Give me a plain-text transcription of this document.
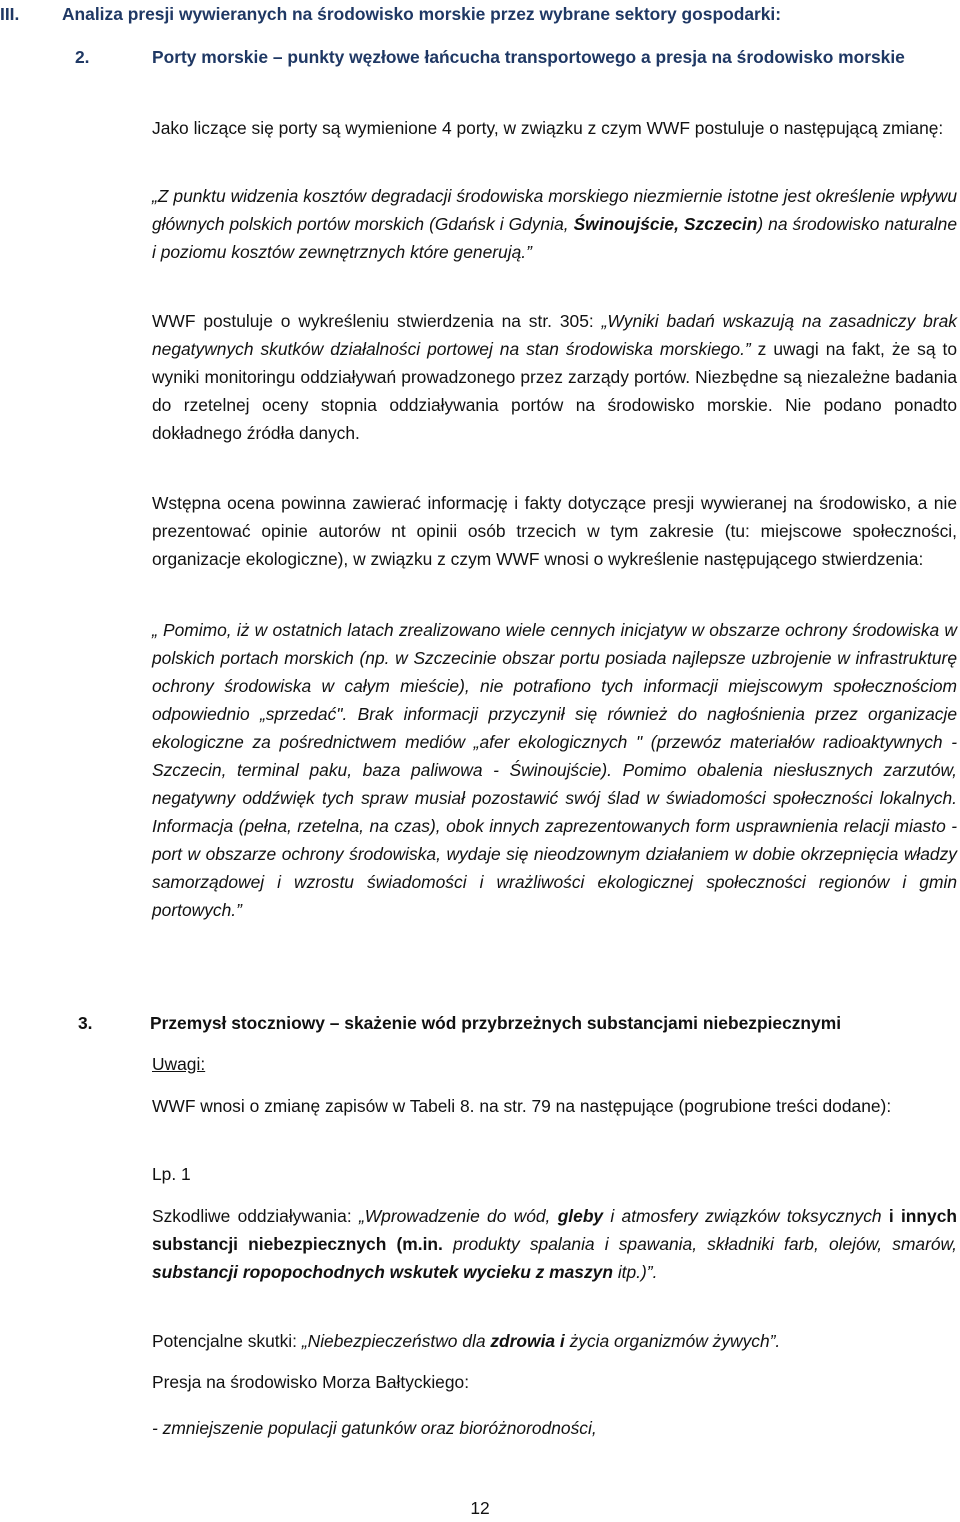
III.	Analiza presji wywieranych na środowisko morskie przez wybrane sektory gospodarki:
2.	Porty morskie – punkty węzłowe łańcucha transportowego a presja na środowisko morskie

Jako liczące się porty są wymienione 4 porty, w związku z czym WWF postuluje o następującą zmianę:

„Z punktu widzenia kosztów degradacji środowiska morskiego niezmiernie istotne jest określenie wpływu głównych polskich portów morskich (Gdańsk i Gdynia, Świnoujście, Szczecin) na środowisko naturalne i poziomu kosztów zewnętrznych które generują.”

WWF postuluje o wykreśleniu stwierdzenia na str. 305: „Wyniki badań wskazują na zasadniczy brak negatywnych skutków działalności portowej na stan środowiska morskiego.” z uwagi na fakt, że są to wyniki monitoringu oddziaływań prowadzonego przez zarządy portów. Niezbędne są niezależne badania do rzetelnej oceny stopnia oddziaływania portów na środowisko morskie. Nie podano ponadto dokładnego źródła danych.

Wstępna ocena powinna zawierać informację i fakty dotyczące presji wywieranej na środowisko, a nie prezentować opinie autorów nt opinii osób trzecich w tym zakresie (tu: miejscowe społeczności, organizacje ekologiczne), w związku z czym WWF wnosi o wykreślenie następującego stwierdzenia:

„ Pomimo, iż w ostatnich latach zrealizowano wiele cennych inicjatyw w obszarze ochrony środowiska w polskich portach morskich (np. w Szczecinie obszar portu posiada najlepsze uzbrojenie w infrastrukturę ochrony środowiska w całym mieście), nie potrafiono tych informacji miejscowym społecznościom odpowiednio „sprzedać". Brak informacji przyczynił się również do nagłośnienia przez organizacje ekologiczne za pośrednictwem mediów „afer ekologicznych " (przewóz materiałów radioaktywnych - Szczecin, terminal paku, baza paliwowa - Świnoujście). Pomimo obalenia niesłusznych zarzutów, negatywny oddźwięk tych spraw musiał pozostawić swój ślad w świadomości społeczności lokalnych. Informacja (pełna, rzetelna, na czas), obok innych zaprezentowanych form usprawnienia relacji miasto - port w obszarze ochrony środowiska, wydaje się nieodzownym działaniem w dobie okrzepnięcia władzy samorządowej i wzrostu świadomości i wrażliwości ekologicznej społeczności regionów i gmin portowych.”

3.	Przemysł stoczniowy – skażenie wód przybrzeżnych substancjami niebezpiecznymi

Uwagi:

WWF wnosi o zmianę zapisów w Tabeli 8. na str. 79 na następujące (pogrubione treści dodane):

Lp. 1

Szkodliwe oddziaływania: „Wprowadzenie do wód, gleby i atmosfery związków toksycznych i innych substancji niebezpiecznych (m.in. produkty spalania i spawania, składniki farb, olejów, smarów, substancji ropopochodnych wskutek wycieku z maszyn itp.)”.

Potencjalne skutki: „Niebezpieczeństwo dla zdrowia i życia organizmów żywych”.

Presja na środowisko Morza Bałtyckiego:

- zmniejszenie populacji gatunków oraz bioróżnorodności,

12
